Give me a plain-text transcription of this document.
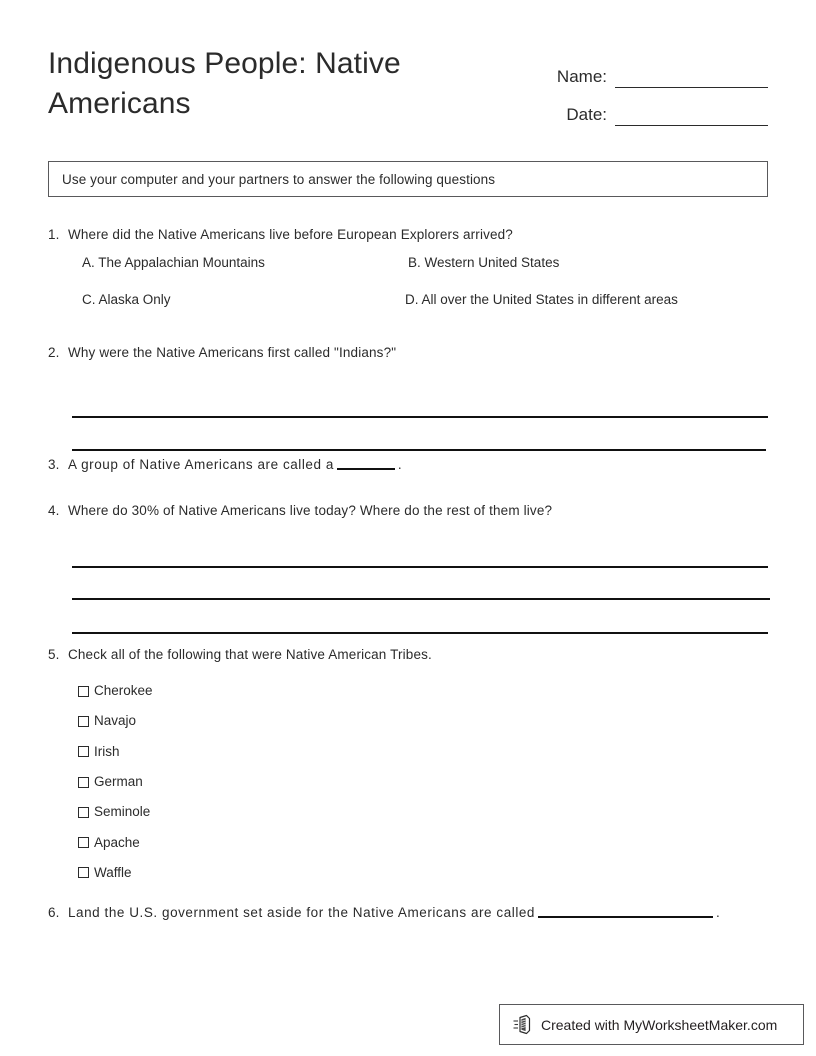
Indigenous People: Native Americans
Name:
Date:
Use your computer and your partners to answer the following questions
1. Where did the Native Americans live before European Explorers arrived?
A. The Appalachian Mountains	B. Western United States
C. Alaska Only	D. All over the United States in different areas
2. Why were the Native Americans first called "Indians?"
3. A group of Native Americans are called a	.
4. Where do 30% of Native Americans live today? Where do the rest of them live?
5. Check all of the following that were Native American Tribes.
Cherokee
Navajo
Irish
German
Seminole
Apache
Waffle
6. Land the U.S. government set aside for the Native Americans are called	.
Created with MyWorksheetMaker.com
